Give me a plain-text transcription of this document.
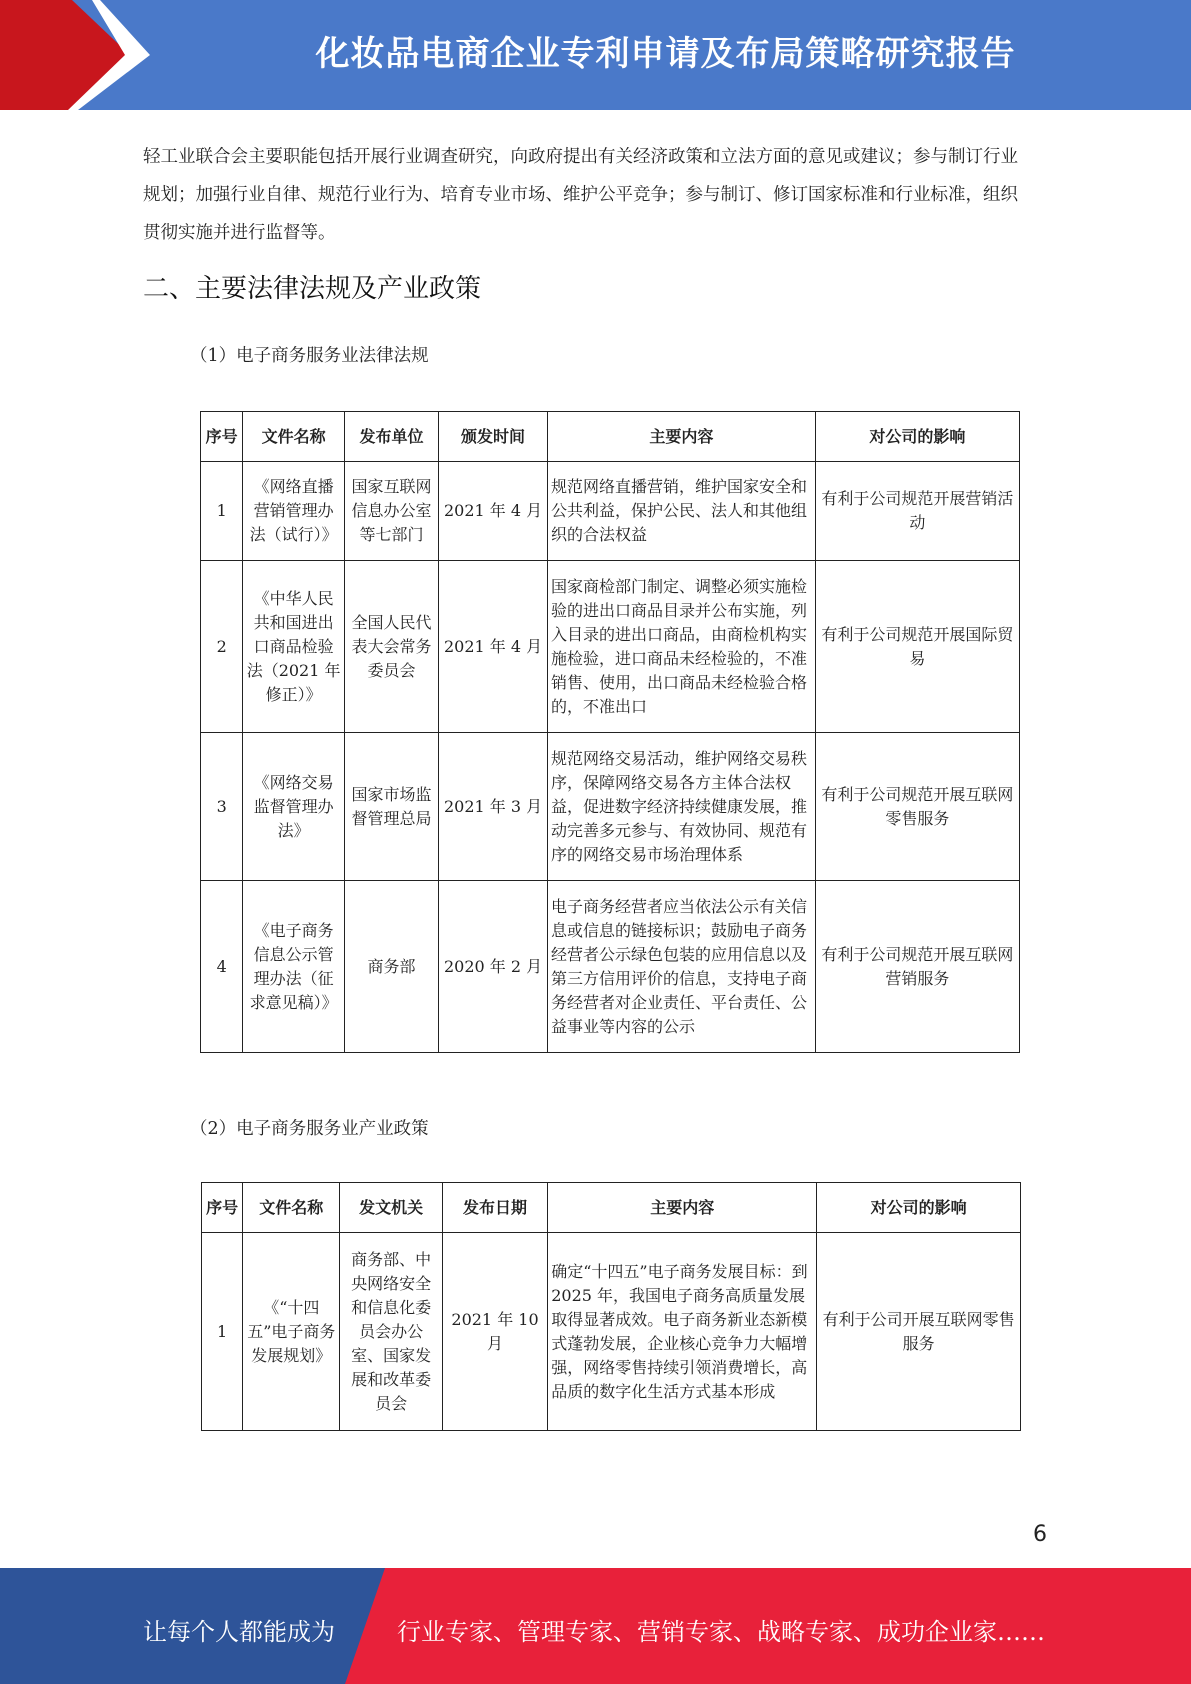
化妆品电商企业专利申请及布局策略研究报告
轻工业联合会主要职能包括开展行业调查研究，向政府提出有关经济政策和立法方面的意见或建议；参与制订行业规划；加强行业自律、规范行业行为、培育专业市场、维护公平竞争；参与制订、修订国家标准和行业标准，组织贯彻实施并进行监督等。
二、主要法律法规及产业政策
（1）电子商务服务业法律法规
序号	文件名称	发布单位	颁发时间	主要内容	对公司的影响
1	《网络直播营销管理办法（试行）》	国家互联网信息办公室等七部门	2021 年 4 月	规范网络直播营销，维护国家安全和公共利益，保护公民、法人和其他组织的合法权益	有利于公司规范开展营销活动
2	《中华人民共和国进出口商品检验法（2021 年修正）》	全国人民代表大会常务委员会	2021 年 4 月	国家商检部门制定、调整必须实施检验的进出口商品目录并公布实施，列入目录的进出口商品，由商检机构实施检验，进口商品未经检验的，不准销售、使用，出口商品未经检验合格的，不准出口	有利于公司规范开展国际贸易
3	《网络交易监督管理办法》	国家市场监督管理总局	2021 年 3 月	规范网络交易活动，维护网络交易秩序，保障网络交易各方主体合法权益，促进数字经济持续健康发展，推动完善多元参与、有效协同、规范有序的网络交易市场治理体系	有利于公司规范开展互联网零售服务
4	《电子商务信息公示管理办法（征求意见稿）》	商务部	2020 年 2 月	电子商务经营者应当依法公示有关信息或信息的链接标识；鼓励电子商务经营者公示绿色包装的应用信息以及第三方信用评价的信息，支持电子商务经营者对企业责任、平台责任、公益事业等内容的公示	有利于公司规范开展互联网营销服务
（2）电子商务服务业产业政策
序号	文件名称	发文机关	发布日期	主要内容	对公司的影响
1	《“十四五”电子商务发展规划》	商务部、中央网络安全和信息化委员会办公室、国家发展和改革委员会	2021 年 10 月	确定“十四五”电子商务发展目标：到 2025 年，我国电子商务高质量发展取得显著成效。电子商务新业态新模式蓬勃发展，企业核心竞争力大幅增强，网络零售持续引领消费增长，高品质的数字化生活方式基本形成	有利于公司开展互联网零售服务
6
让每个人都能成为	行业专家、管理专家、营销专家、战略专家、成功企业家……
